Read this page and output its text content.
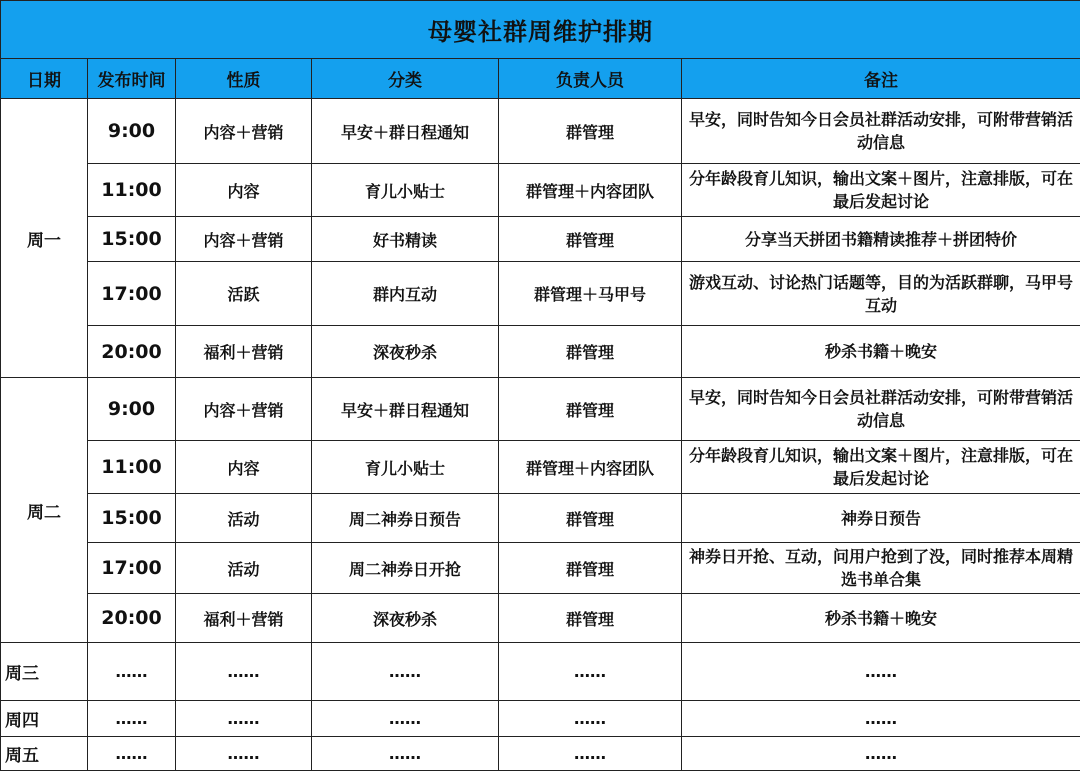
母婴社群周维护排期					
日期	发布时间	性质	分类	负责人员	备注
周一	9:00	内容＋营销	早安＋群日程通知	群管理	早安，同时告知今日会员社群活动安排，可附带营销活动信息
	11:00	内容	育儿小贴士	群管理＋内容团队	分年龄段育儿知识，输出文案＋图片，注意排版，可在最后发起讨论
	15:00	内容＋营销	好书精读	群管理	分享当天拼团书籍精读推荐＋拼团特价
	17:00	活跃	群内互动	群管理＋马甲号	游戏互动、讨论热门话题等，目的为活跃群聊，马甲号互动
	20:00	福利＋营销	深夜秒杀	群管理	秒杀书籍＋晚安
周二	9:00	内容＋营销	早安＋群日程通知	群管理	早安，同时告知今日会员社群活动安排，可附带营销活动信息
	11:00	内容	育儿小贴士	群管理＋内容团队	分年龄段育儿知识，输出文案＋图片，注意排版，可在最后发起讨论
	15:00	活动	周二神券日预告	群管理	神券日预告
	17:00	活动	周二神券日开抢	群管理	神券日开抢、互动，问用户抢到了没，同时推荐本周精选书单合集
	20:00	福利＋营销	深夜秒杀	群管理	秒杀书籍＋晚安
周三	……	……	……	……	……
周四	……	……	……	……	……
周五	……	……	……	……	……
